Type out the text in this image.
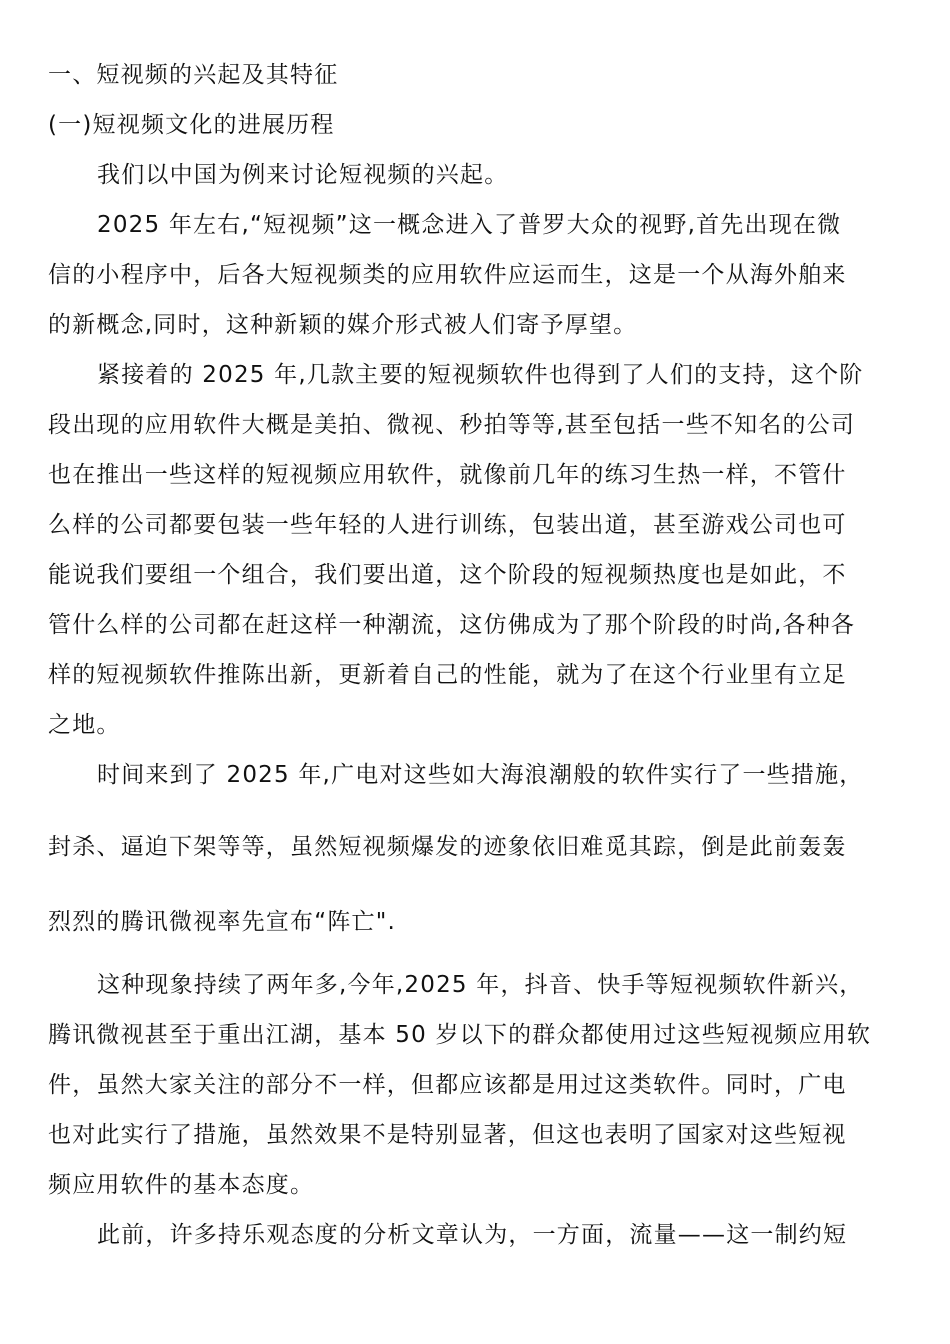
一、短视频的兴起及其特征
(一)短视频文化的进展历程
我们以中国为例来讨论短视频的兴起。
2025 年左右,“短视频”这一概念进入了普罗大众的视野,首先出现在微
信的小程序中，后各大短视频类的应用软件应运而生，这是一个从海外舶来
的新概念,同时，这种新颖的媒介形式被人们寄予厚望。
紧接着的 2025 年,几款主要的短视频软件也得到了人们的支持，这个阶
段出现的应用软件大概是美拍、微视、秒拍等等,甚至包括一些不知名的公司
也在推出一些这样的短视频应用软件，就像前几年的练习生热一样，不管什
么样的公司都要包装一些年轻的人进行训练，包装出道，甚至游戏公司也可
能说我们要组一个组合，我们要出道，这个阶段的短视频热度也是如此，不
管什么样的公司都在赶这样一种潮流，这仿佛成为了那个阶段的时尚,各种各
样的短视频软件推陈出新，更新着自己的性能，就为了在这个行业里有立足
之地。
时间来到了 2025 年,广电对这些如大海浪潮般的软件实行了一些措施，
封杀、逼迫下架等等，虽然短视频爆发的迹象依旧难觅其踪，倒是此前轰轰
烈烈的腾讯微视率先宣布“阵亡".
这种现象持续了两年多,今年,2025 年，抖音、快手等短视频软件新兴，
腾讯微视甚至于重出江湖，基本 50 岁以下的群众都使用过这些短视频应用软
件，虽然大家关注的部分不一样，但都应该都是用过这类软件。同时，广电
也对此实行了措施，虽然效果不是特别显著，但这也表明了国家对这些短视
频应用软件的基本态度。
此前，许多持乐观态度的分析文章认为，一方面，流量——这一制约短
